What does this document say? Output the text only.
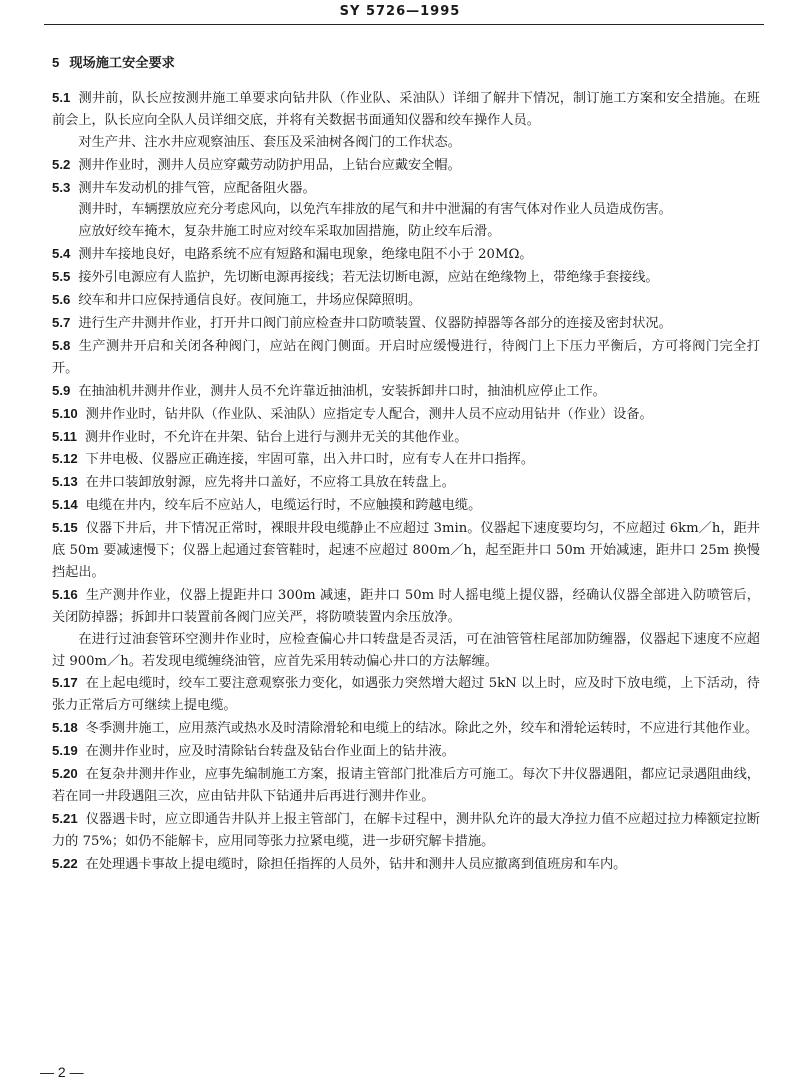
SY 5726—1995
5 现场施工安全要求
5.1 测井前，队长应按测井施工单要求向钻井队（作业队、采油队）详细了解井下情况，制订施工方案和安全措施。在班前会上，队长应向全队人员详细交底，并将有关数据书面通知仪器和绞车操作人员。
对生产井、注水井应观察油压、套压及采油树各阀门的工作状态。
5.2 测井作业时，测井人员应穿戴劳动防护用品，上钻台应戴安全帽。
5.3 测井车发动机的排气管，应配备阻火器。
测井时，车辆摆放应充分考虑风向，以免汽车排放的尾气和井中泄漏的有害气体对作业人员造成伤害。
应放好绞车掩木，复杂井施工时应对绞车采取加固措施，防止绞车后滑。
5.4 测井车接地良好，电路系统不应有短路和漏电现象，绝缘电阻不小于 20MΩ。
5.5 接外引电源应有人监护，先切断电源再接线；若无法切断电源，应站在绝缘物上，带绝缘手套接线。
5.6 绞车和井口应保持通信良好。夜间施工，井场应保障照明。
5.7 进行生产井测井作业，打开井口阀门前应检查井口防喷装置、仪器防掉器等各部分的连接及密封状况。
5.8 生产测井开启和关闭各种阀门，应站在阀门侧面。开启时应缓慢进行，待阀门上下压力平衡后，方可将阀门完全打开。
5.9 在抽油机井测井作业，测井人员不允许靠近抽油机，安装拆卸井口时，抽油机应停止工作。
5.10 测井作业时，钻井队（作业队、采油队）应指定专人配合，测井人员不应动用钻井（作业）设备。
5.11 测井作业时，不允许在井架、钻台上进行与测井无关的其他作业。
5.12 下井电极、仪器应正确连接，牢固可靠，出入井口时，应有专人在井口指挥。
5.13 在井口装卸放射源，应先将井口盖好，不应将工具放在转盘上。
5.14 电缆在井内，绞车后不应站人，电缆运行时，不应触摸和跨越电缆。
5.15 仪器下井后，井下情况正常时，裸眼井段电缆静止不应超过 3min。仪器起下速度要均匀，不应超过 6km／h，距井底 50m 要减速慢下；仪器上起通过套管鞋时，起速不应超过 800m／h，起至距井口 50m 开始减速，距井口 25m 换慢挡起出。
5.16 生产测井作业，仪器上提距井口 300m 减速，距井口 50m 时人摇电缆上提仪器，经确认仪器全部进入防喷管后，关闭防掉器；拆卸井口装置前各阀门应关严，将防喷装置内余压放净。
在进行过油套管环空测井作业时，应检查偏心井口转盘是否灵活，可在油管管柱尾部加防缠器，仪器起下速度不应超过 900m／h。若发现电缆缠绕油管，应首先采用转动偏心井口的方法解缠。
5.17 在上起电缆时，绞车工要注意观察张力变化，如遇张力突然增大超过 5kN 以上时，应及时下放电缆，上下活动，待张力正常后方可继续上提电缆。
5.18 冬季测井施工，应用蒸汽或热水及时清除滑轮和电缆上的结冰。除此之外，绞车和滑轮运转时，不应进行其他作业。
5.19 在测井作业时，应及时清除钻台转盘及钻台作业面上的钻井液。
5.20 在复杂井测井作业，应事先编制施工方案，报请主管部门批准后方可施工。每次下井仪器遇阻，都应记录遇阻曲线，若在同一井段遇阻三次，应由钻井队下钻通井后再进行测井作业。
5.21 仪器遇卡时，应立即通告井队并上报主管部门，在解卡过程中，测井队允许的最大净拉力值不应超过拉力棒额定拉断力的 75%；如仍不能解卡，应用同等张力拉紧电缆，进一步研究解卡措施。
5.22 在处理遇卡事故上提电缆时，除担任指挥的人员外，钻井和测井人员应撤离到值班房和车内。
— 2 —
